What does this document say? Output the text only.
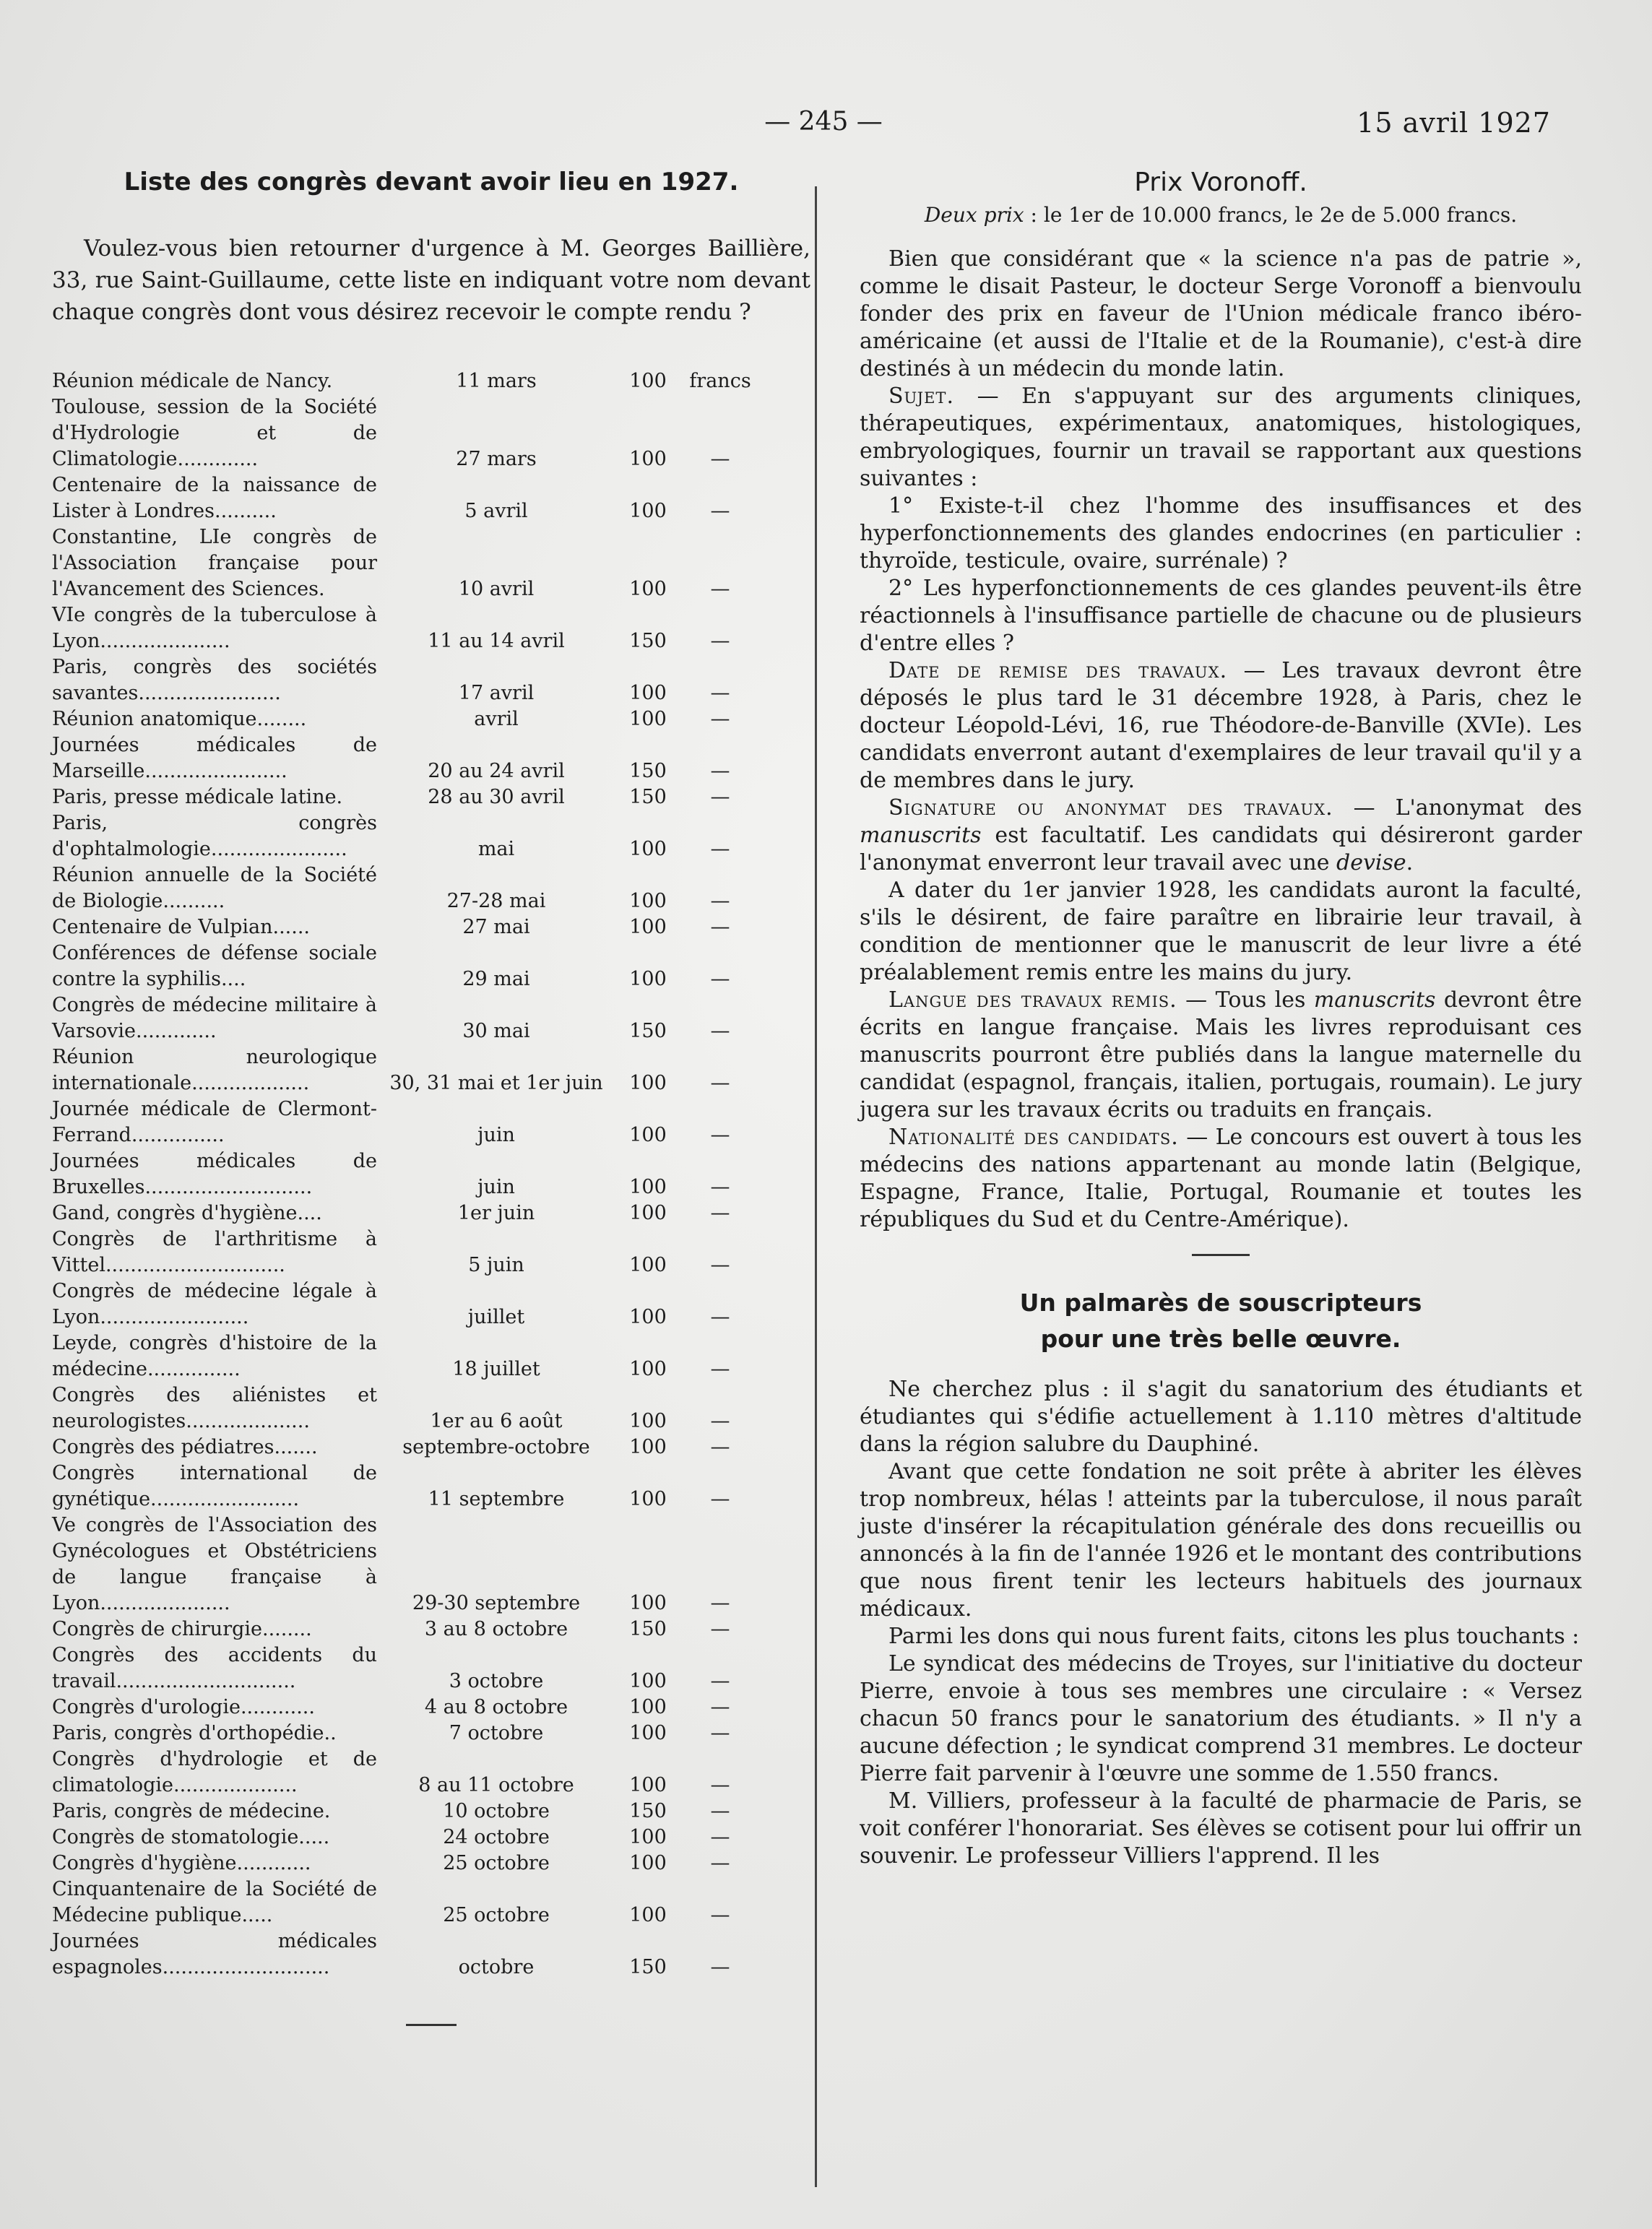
— 245 —	15 avril 1927
Liste des congrès devant avoir lieu en 1927.

Voulez-vous bien retourner d'urgence à M. Georges Baillière, 33, rue Saint-Guillaume, cette liste en indiquant votre nom devant chaque congrès dont vous désirez recevoir le compte rendu ?

Réunion médicale de Nancy.	11 mars	100	francs
Toulouse, session de la Société d'Hydrologie et de Climatologie.............	27 mars	100	—
Centenaire de la naissance de Lister à Londres..........	5 avril	100	—
Constantine, LIe congrès de l'Association française pour l'Avancement des Sciences.	10 avril	100	—
VIe congrès de la tuberculose à Lyon.....................	11 au 14 avril	150	—
Paris, congrès des sociétés savantes.......................	17 avril	100	—
Réunion anatomique........	avril	100	—
Journées médicales de Marseille.......................	20 au 24 avril	150	—
Paris, presse médicale latine.	28 au 30 avril	150	—
Paris, congrès d'ophtalmologie......................	mai	100	—
Réunion annuelle de la Société de Biologie..........	27-28 mai	100	—
Centenaire de Vulpian......	27 mai	100	—
Conférences de défense sociale contre la syphilis....	29 mai	100	—
Congrès de médecine militaire à Varsovie.............	30 mai	150	—
Réunion neurologique internationale...................	30, 31 mai et 1er juin	100	—
Journée médicale de Clermont-Ferrand...............	juin	100	—
Journées médicales de Bruxelles...........................	juin	100	—
Gand, congrès d'hygiène....	1er juin	100	—
Congrès de l'arthritisme à Vittel.............................	5 juin	100	—
Congrès de médecine légale à Lyon........................	juillet	100	—
Leyde, congrès d'histoire de la médecine...............	18 juillet	100	—
Congrès des aliénistes et neurologistes....................	1er au 6 août	100	—
Congrès des pédiatres.......	septembre-octobre	100	—
Congrès international de gynétique........................	11 septembre	100	—
Ve congrès de l'Association des Gynécologues et Obstétriciens de langue française à Lyon.....................	29-30 septembre	100	—
Congrès de chirurgie........	3 au 8 octobre	150	—
Congrès des accidents du travail.............................	3 octobre	100	—
Congrès d'urologie............	4 au 8 octobre	100	—
Paris, congrès d'orthopédie..	7 octobre	100	—
Congrès d'hydrologie et de climatologie....................	8 au 11 octobre	100	—
Paris, congrès de médecine.	10 octobre	150	—
Congrès de stomatologie.....	24 octobre	100	—
Congrès d'hygiène............	25 octobre	100	—
Cinquantenaire de la Société de Médecine publique.....	25 octobre	100	—
Journées médicales espagnoles...........................	octobre	150	—
Prix Voronoff.
Deux prix : le 1er de 10.000 francs, le 2e de 5.000 francs.

Bien que considérant que « la science n'a pas de patrie », comme le disait Pasteur, le docteur Serge Voronoff a bienvoulu fonder des prix en faveur de l'Union médicale franco ibéro-américaine (et aussi de l'Italie et de la Roumanie), c'est-à dire destinés à un médecin du monde latin.

Sujet. — En s'appuyant sur des arguments cliniques, thérapeutiques, expérimentaux, anatomiques, histologiques, embryologiques, fournir un travail se rapportant aux questions suivantes :

1° Existe-t-il chez l'homme des insuffisances et des hyperfonctionnements des glandes endocrines (en particulier : thyroïde, testicule, ovaire, surrénale) ?

2° Les hyperfonctionnements de ces glandes peuvent-ils être réactionnels à l'insuffisance partielle de chacune ou de plusieurs d'entre elles ?

Date de remise des travaux. — Les travaux devront être déposés le plus tard le 31 décembre 1928, à Paris, chez le docteur Léopold-Lévi, 16, rue Théodore-de-Banville (XVIe). Les candidats enverront autant d'exemplaires de leur travail qu'il y a de membres dans le jury.

Signature ou anonymat des travaux. — L'anonymat des manuscrits est facultatif. Les candidats qui désireront garder l'anonymat enverront leur travail avec une devise.

A dater du 1er janvier 1928, les candidats auront la faculté, s'ils le désirent, de faire paraître en librairie leur travail, à condition de mentionner que le manuscrit de leur livre a été préalablement remis entre les mains du jury.

Langue des travaux remis. — Tous les manuscrits devront être écrits en langue française. Mais les livres reproduisant ces manuscrits pourront être publiés dans la langue maternelle du candidat (espagnol, français, italien, portugais, roumain). Le jury jugera sur les travaux écrits ou traduits en français.

Nationalité des candidats. — Le concours est ouvert à tous les médecins des nations appartenant au monde latin (Belgique, Espagne, France, Italie, Portugal, Roumanie et toutes les républiques du Sud et du Centre-Amérique).

Un palmarès de souscripteurs
pour une très belle œuvre.

Ne cherchez plus : il s'agit du sanatorium des étudiants et étudiantes qui s'édifie actuellement à 1.110 mètres d'altitude dans la région salubre du Dauphiné.

Avant que cette fondation ne soit prête à abriter les élèves trop nombreux, hélas ! atteints par la tuberculose, il nous paraît juste d'insérer la récapitulation générale des dons recueillis ou annoncés à la fin de l'année 1926 et le montant des contributions que nous firent tenir les lecteurs habituels des journaux médicaux.

Parmi les dons qui nous furent faits, citons les plus touchants :

Le syndicat des médecins de Troyes, sur l'initiative du docteur Pierre, envoie à tous ses membres une circulaire : « Versez chacun 50 francs pour le sanatorium des étudiants. » Il n'y a aucune défection ; le syndicat comprend 31 membres. Le docteur Pierre fait parvenir à l'œuvre une somme de 1.550 francs.

M. Villiers, professeur à la faculté de pharmacie de Paris, se voit conférer l'honorariat. Ses élèves se cotisent pour lui offrir un souvenir. Le professeur Villiers l'apprend. Il les
